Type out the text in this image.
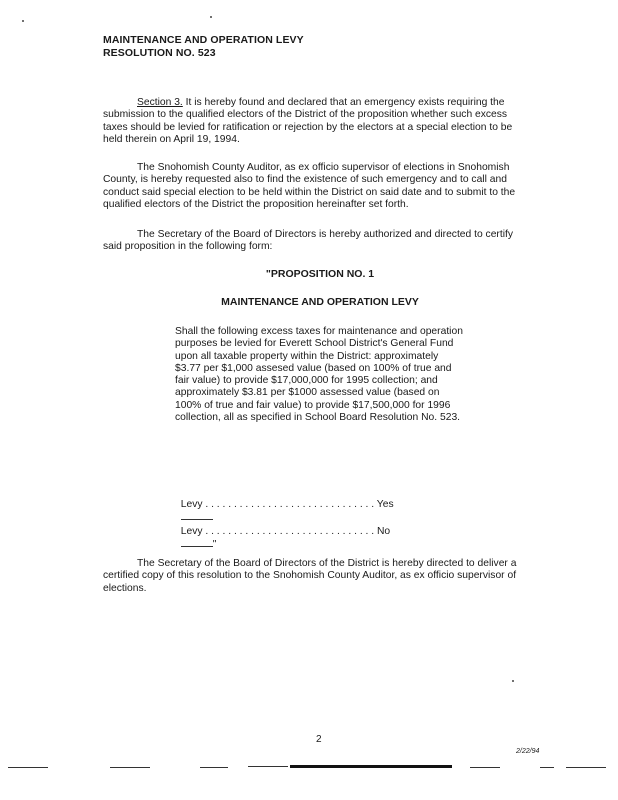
MAINTENANCE AND OPERATION LEVY
RESOLUTION NO. 523
Section 3. It is hereby found and declared that an emergency exists requiring the submission to the qualified electors of the District of the proposition whether such excess taxes should be levied for ratification or rejection by the electors at a special election to be held therein on April 19, 1994.
The Snohomish County Auditor, as ex officio supervisor of elections in Snohomish County, is hereby requested also to find the existence of such emergency and to call and conduct said special election to be held within the District on said date and to submit to the qualified electors of the District the proposition hereinafter set forth.
The Secretary of the Board of Directors is hereby authorized and directed to certify said proposition in the following form:
"PROPOSITION NO. 1
MAINTENANCE AND OPERATION LEVY
Shall the following excess taxes for maintenance and operation purposes be levied for Everett School District's General Fund upon all taxable property within the District: approximately $3.77 per $1,000 assesed value (based on 100% of true and fair value) to provide $17,000,000 for 1995 collection; and approximately $3.81 per $1000 assessed value (based on 100% of true and fair value) to provide $17,500,000 for 1996 collection, all as specified in School Board Resolution No. 523.

Levy . . . . . . . . . . . . . . . . . . . . . . . . . . . . . . Yes

Levy . . . . . . . . . . . . . . . . . . . . . . . . . . . . . . No
"

The Secretary of the Board of Directors of the District is hereby directed to deliver a certified copy of this resolution to the Snohomish County Auditor, as ex officio supervisor of elections.
2
2/22/94
